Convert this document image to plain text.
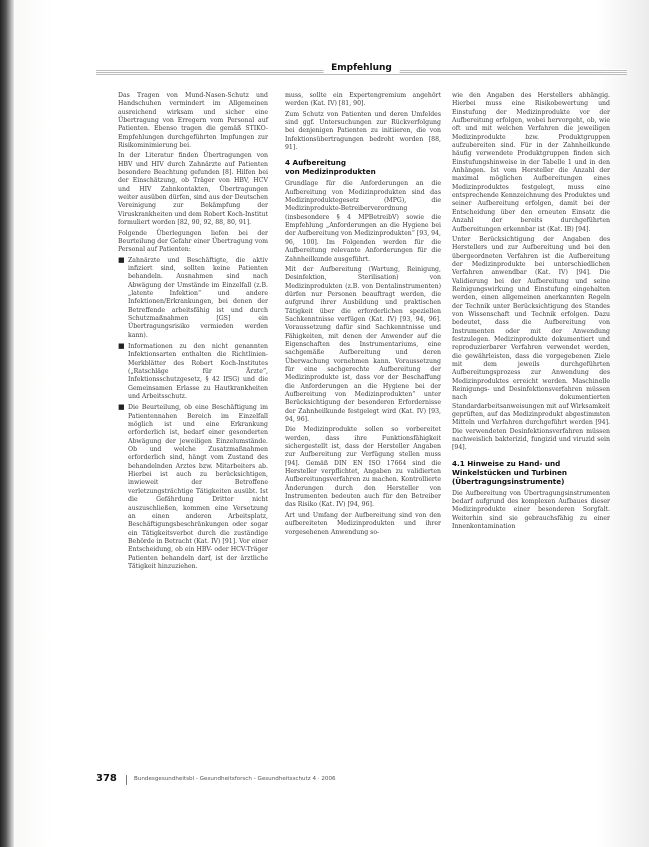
Empfehlung

Das Tragen von Mund-Nasen-Schutz und Handschuhen vermindert im Allgemeinen ausreichend wirksam und sicher eine Übertragung von Erregern vom Personal auf Patienten. Ebenso tragen die gemäß STIKO-Empfehlungen durchgeführten Impfungen zur Risikominimierung bei.

In der Literatur finden Übertragungen von HBV und HIV durch Zahnärzte auf Patienten besondere Beachtung gefunden [8]. Hilfen bei der Einschätzung, ob Träger von HBV, HCV und HIV Zahnkontakten, Übertragungen weiter ausüben dürfen, sind aus der Deutschen Vereinigung zur Bekämpfung der Viruskrankheiten und dem Robert Koch-Institut formuliert worden [82, 90, 92, 88, 80, 91].

Folgende Überlegungen liefen bei der Beurteilung der Gefahr einer Übertragung vom Personal auf Patienten:

■ Zahnärzte und Beschäftigte, die aktiv infiziert sind, sollten keine Patienten behandeln. Ausnahmen sind nach Abwägung der Umstände im Einzelfall (z.B. „latente Infektion“ und andere Infektionen/Erkrankungen, bei denen der Betreffende arbeitsfähig ist und durch Schutzmaßnahmen [GS] ein Übertragungsrisiko vermieden werden kann).
■ Informationen zu den nicht genannten Infektionsarten enthalten die Richtlinien-Merkblätter des Robert Koch-Institutes („Ratschläge für Ärzte“, Infektionsschutzgesetz, § 42 IfSG) und die Gemeinsamen Erlasse zu Hautkrankheiten und Arbeitsschutz.
■ Die Beurteilung, ob eine Beschäftigung im Patientennahen Bereich im Einzelfall möglich ist und eine Erkrankung erforderlich ist, bedarf einer gesonderten Abwägung der jeweiligen Einzelumstände. Ob und welche Zusatzmaßnahmen erforderlich sind, hängt vom Zustand des behandelnden Arztes bzw. Mitarbeiters ab. Hierbei ist auch zu berücksichtigen, inwieweit der Betroffene verletzungsträchtige Tätigkeiten ausübt. Ist die Gefährdung Dritter nicht auszuschließen, kommen eine Versetzung an einen anderen Arbeitsplatz, Beschäftigungsbeschränkungen oder sogar ein Tätigkeitsverbot durch die zuständige Behörde in Betracht (Kat. IV) [91]. Vor einer Entscheidung, ob ein HBV- oder HCV-Träger Patienten behandeln darf, ist der ärztliche Tätigkeit hinzuziehen.

muss, sollte ein Expertengremium angehört werden (Kat. IV) [81, 90].

Zum Schutz von Patienten und deren Umfeldes sind ggf. Untersuchungen zur Rückverfolgung bei denjenigen Patienten zu initiieren, die von Infektionsübertragungen bedroht worden [88, 91].

4 Aufbereitung
von Medizinprodukten

Grundlage für die Anforderungen an die Aufbereitung von Medizinprodukten sind das Medizinproduktegesetz (MPG), die Medizinprodukte-Betreiberverordnung (insbesondere § 4 MPBetreibV) sowie die Empfehlung „Anforderungen an die Hygiene bei der Aufbereitung von Medizinprodukten“ [93, 94, 96, 100]. Im Folgenden werden für die Aufbereitung relevante Anforderungen für die Zahnheilkunde ausgeführt.

Mit der Aufbereitung (Wartung, Reinigung, Desinfektion, Sterilisation) von Medizinprodukten (z.B. von Dentalinstrumenten) dürfen nur Personen beauftragt werden, die aufgrund ihrer Ausbildung und praktischen Tätigkeit über die erforderlichen speziellen Sachkenntnisse verfügen (Kat. IV) [93, 94, 96]. Voraussetzung dafür sind Sachkenntnisse und Fähigkeiten, mit denen der Anwender auf die Eigenschaften des Instrumentariums, eine sachgemäße Aufbereitung und deren Überwachung vornehmen kann. Voraussetzung für eine sachgerechte Aufbereitung der Medizinprodukte ist, dass vor der Beschaffung die Anforderungen an die Hygiene bei der Aufbereitung von Medizinprodukten“ unter Berücksichtigung der besonderen Erfordernisse der Zahnheilkunde festgelegt wird (Kat. IV) [93, 94, 96].

Die Medizinprodukte sollen so vorbereitet werden, dass ihre Funktionsfähigkeit sichergestellt ist, dass der Hersteller Angaben zur Aufbereitung zur Verfügung stellen muss [94]. Gemäß DIN EN ISO 17664 sind die Hersteller verpflichtet, Angaben zu validierten Aufbereitungsverfahren zu machen. Kontrollierte Änderungen durch den Hersteller von Instrumenten bedeuten auch für den Betreiber das Risiko (Kat. IV) [94, 96].

Art und Umfang der Aufbereitung sind von den aufbereiteten Medizinprodukten und ihrer vorgesehenen Anwendung so-

wie den Angaben des Herstellers abhängig. Hierbei muss eine Risikobewertung und Einstufung der Medizinprodukte vor der Aufbereitung erfolgen, wobei hervorgeht, ob, wie oft und mit welchen Verfahren die jeweiligen Medizinprodukte bzw. Produktgruppen aufzubereiten sind. Für in der Zahnheilkunde häufig verwendete Produktgruppen finden sich Einstufungshinweise in der Tabelle 1 und in den Anhängen. Ist vom Hersteller die Anzahl der maximal möglichen Aufbereitungen eines Medizinproduktes festgelegt, muss eine entsprechende Kennzeichnung des Produktes und seiner Aufbereitung erfolgen, damit bei der Entscheidung über den erneuten Einsatz die Anzahl der bereits durchgeführten Aufbereitungen erkennbar ist (Kat. IB) [94].

Unter Berücksichtigung der Angaben des Herstellers und zur Aufbereitung und bei den übergeordneten Verfahren ist die Aufbereitung der Medizinprodukte bei unterschiedlichen Verfahren anwendbar (Kat. IV) [94]. Die Validierung bei der Aufbereitung und seine Reinigungswirkung und Einstufung eingehalten werden, einen allgemeinen anerkannten Regeln der Technik unter Berücksichtigung des Standes von Wissenschaft und Technik erfolgen. Dazu bedeutet, dass die Aufbereitung von Instrumenten oder mit der Anwendung festzulegen. Medizinprodukte dokumentiert und reproduzierbarer Verfahren verwendet werden, die gewährleisten, dass die vorgegebenen Ziele mit dem jeweils durchgeführten Aufbereitungsprozess zur Anwendung des Medizinproduktes erreicht werden. Maschinelle Reinigungs- und Desinfektionsverfahren müssen nach dokumentierten Standardarbeitsanweisungen mit auf Wirksamkeit geprüften, auf das Medizinprodukt abgestimmten Mitteln und Verfahren durchgeführt werden [94]. Die verwendeten Desinfektionsverfahren müssen nachweislich bakterizid, fungizid und viruzid sein [94].

4.1 Hinweise zu Hand- und
Winkelstücken und Turbinen
(Übertragungsinstrumente)

Die Aufbereitung von Übertragungsinstrumenten bedarf aufgrund des komplexen Aufbaues dieser Medizinprodukte einer besonderen Sorgfalt. Weiterhin sind sie gebrauchsfähig zu einer Innenkontamination

378	Bundesgesundheitsbl - Gesundheitsforsch - Gesundheitsschutz 4 · 2006
